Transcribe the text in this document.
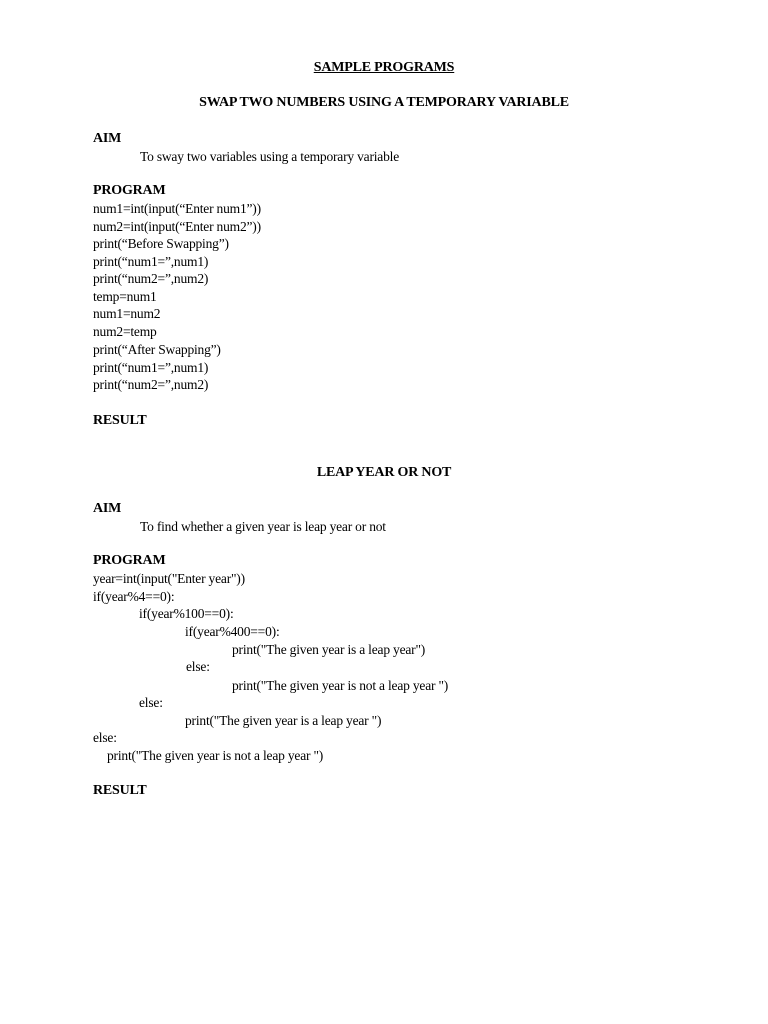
SAMPLE PROGRAMS
SWAP TWO NUMBERS USING A TEMPORARY VARIABLE
AIM
To sway two variables using a temporary variable
PROGRAM
num1=int(input(“Enter num1”))
num2=int(input(“Enter num2”))
print(“Before Swapping”)
print(“num1=”,num1)
print(“num2=”,num2)
temp=num1
num1=num2
num2=temp
print(“After Swapping”)
print(“num1=”,num1)
print(“num2=”,num2)
RESULT
LEAP YEAR OR NOT
AIM
To find whether a given year is leap year or not
PROGRAM
year=int(input("Enter year"))
if(year%4==0):
if(year%100==0):
if(year%400==0):
print("The given year is a leap year")
else:
print("The given year is not a leap year ")
else:
print("The given year is a leap year ")
else:
print("The given year is not a leap year ")
RESULT
